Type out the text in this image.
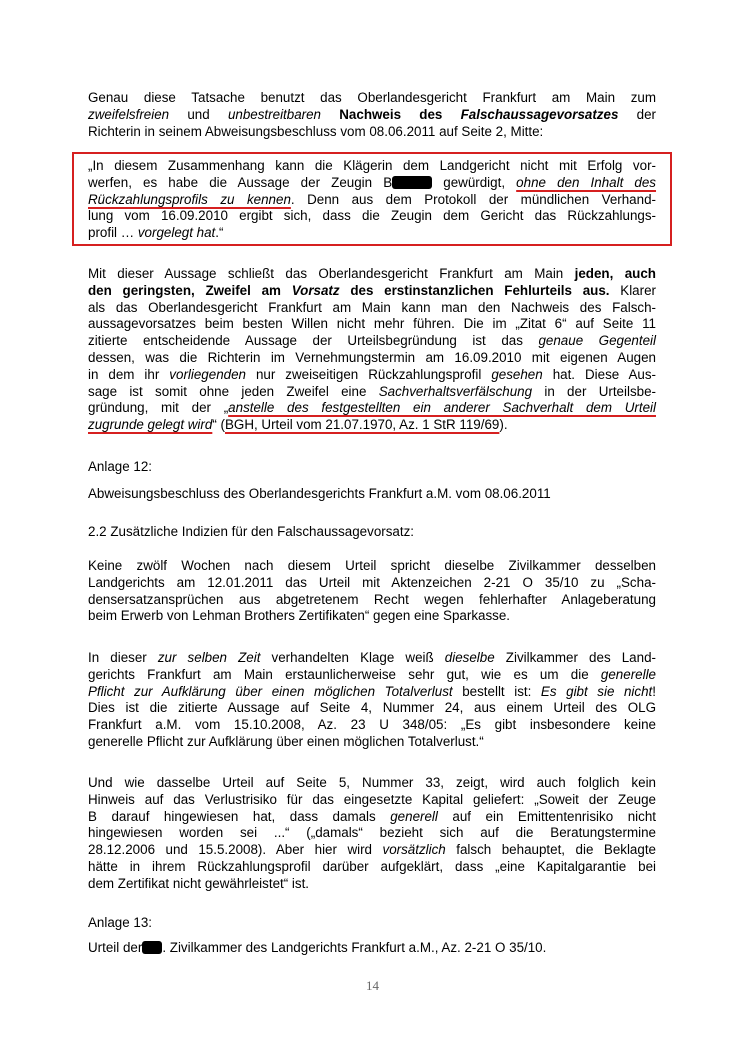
Genau diese Tatsache benutzt das Oberlandesgericht Frankfurt am Main zum
zweifelsfreien und unbestreitbaren Nachweis des Falschaussagevorsatzes der
Richterin in seinem Abweisungsbeschluss vom 08.06.2011 auf Seite 2, Mitte:
„In diesem Zusammenhang kann die Klägerin dem Landgericht nicht mit Erfolg vor-
werfen, es habe die Aussage der Zeugin B	gewürdigt, ohne den Inhalt des
Rückzahlungsprofils zu kennen. Denn aus dem Protokoll der mündlichen Verhand-
lung vom 16.09.2010 ergibt sich, dass die Zeugin dem Gericht das Rückzahlungs-
profil … vorgelegt hat.“
Mit dieser Aussage schließt das Oberlandesgericht Frankfurt am Main jeden, auch
den geringsten, Zweifel am Vorsatz des erstinstanzlichen Fehlurteils aus. Klarer
als das Oberlandesgericht Frankfurt am Main kann man den Nachweis des Falsch-
aussagevorsatzes beim besten Willen nicht mehr führen. Die im „Zitat 6“ auf Seite 11
zitierte entscheidende Aussage der Urteilsbegründung ist das genaue Gegenteil
dessen, was die Richterin im Vernehmungstermin am 16.09.2010 mit eigenen Augen
in dem ihr vorliegenden nur zweiseitigen Rückzahlungsprofil gesehen hat. Diese Aus-
sage ist somit ohne jeden Zweifel eine Sachverhaltsverfälschung in der Urteilsbe-
gründung, mit der „anstelle des festgestellten ein anderer Sachverhalt dem Urteil
zugrunde gelegt wird“ (BGH, Urteil vom 21.07.1970, Az. 1 StR 119/69).
Anlage 12:
Abweisungsbeschluss des Oberlandesgerichts Frankfurt a.M. vom 08.06.2011
2.2 Zusätzliche Indizien für den Falschaussagevorsatz:
Keine zwölf Wochen nach diesem Urteil spricht dieselbe Zivilkammer desselben
Landgerichts am 12.01.2011 das Urteil mit Aktenzeichen 2-21 O 35/10 zu „Scha-
densersatzansprüchen aus abgetretenem Recht wegen fehlerhafter Anlageberatung
beim Erwerb von Lehman Brothers Zertifikaten“ gegen eine Sparkasse.
In dieser zur selben Zeit verhandelten Klage weiß dieselbe Zivilkammer des Land-
gerichts Frankfurt am Main erstaunlicherweise sehr gut, wie es um die generelle
Pflicht zur Aufklärung über einen möglichen Totalverlust bestellt ist: Es gibt sie nicht!
Dies ist die zitierte Aussage auf Seite 4, Nummer 24, aus einem Urteil des OLG
Frankfurt a.M. vom 15.10.2008, Az. 23 U 348/05: „Es gibt insbesondere keine
generelle Pflicht zur Aufklärung über einen möglichen Totalverlust.“
Und wie dasselbe Urteil auf Seite 5, Nummer 33, zeigt, wird auch folglich kein
Hinweis auf das Verlustrisiko für das eingesetzte Kapital geliefert: „Soweit der Zeuge
B darauf hingewiesen hat, dass damals generell auf ein Emittentenrisiko nicht
hingewiesen worden sei ...“ („damals“ bezieht sich auf die Beratungstermine
28.12.2006 und 15.5.2008). Aber hier wird vorsätzlich falsch behauptet, die Beklagte
hätte in ihrem Rückzahlungsprofil darüber aufgeklärt, dass „eine Kapitalgarantie bei
dem Zertifikat nicht gewährleistet“ ist.
Anlage 13:
Urteil der . Zivilkammer des Landgerichts Frankfurt a.M., Az. 2-21 O 35/10.
14
